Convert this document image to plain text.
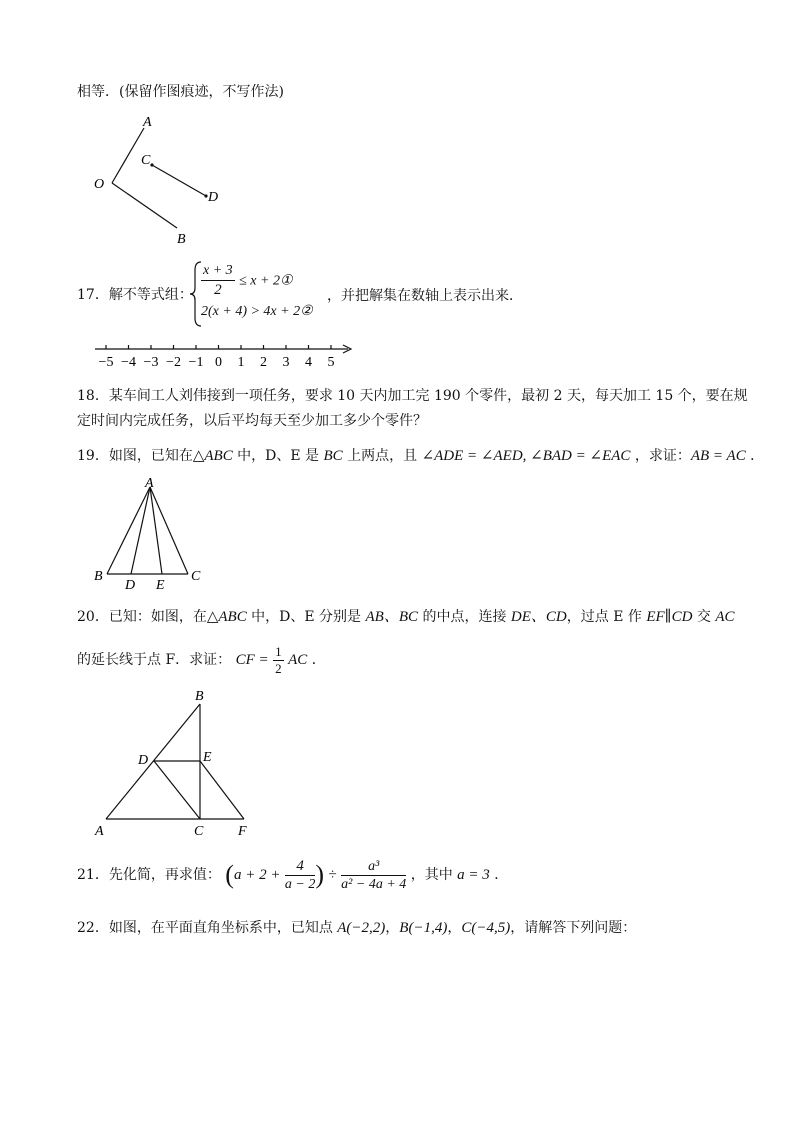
相等．(保留作图痕迹，不写作法)
A
C
O
D
B
17．解不等式组： $\frac{x + 3}{2} \le x$ + 2①
2(x + 4) > 4x + 2②
，并把解集在数轴上表示出来．
−5 −4 −3 −2 −1 0 1 2 3 4 5
18．某车间工人刘伟接到一项任务，要求 10 天内加工完 190 个零件，最初 2 天，每天加工 15 个，要在规
定时间内完成任务，以后平均每天至少加工多少个零件？
19．如图，已知在△ABC 中，D、E 是 BC 上两点，且 ∠ADE = ∠AED, ∠BAD = ∠EAC ，求证：AB = AC ．
A
B
D E
C
20．已知：如图，在△ABC 中，D、E 分别是 AB、BC 的中点，连接 DE、CD，过点 E 作 EF∥CD 交 AC
的延长线于点 F．求证： CF = $\frac{1}{2}$ AC ．
B
D	E
A	C F
21．先化简，再求值： ($a + 2 + \frac{4}{a - 2}$ ) ÷ $\frac{\text{a³}}{\text{a² − 4a + 4}}$ ，其中 a = 3 ．
22．如图，在平面直角坐标系中，已知点 A(−2,2)，B(−1,4)，C(−4,5)，请解答下列问题：
